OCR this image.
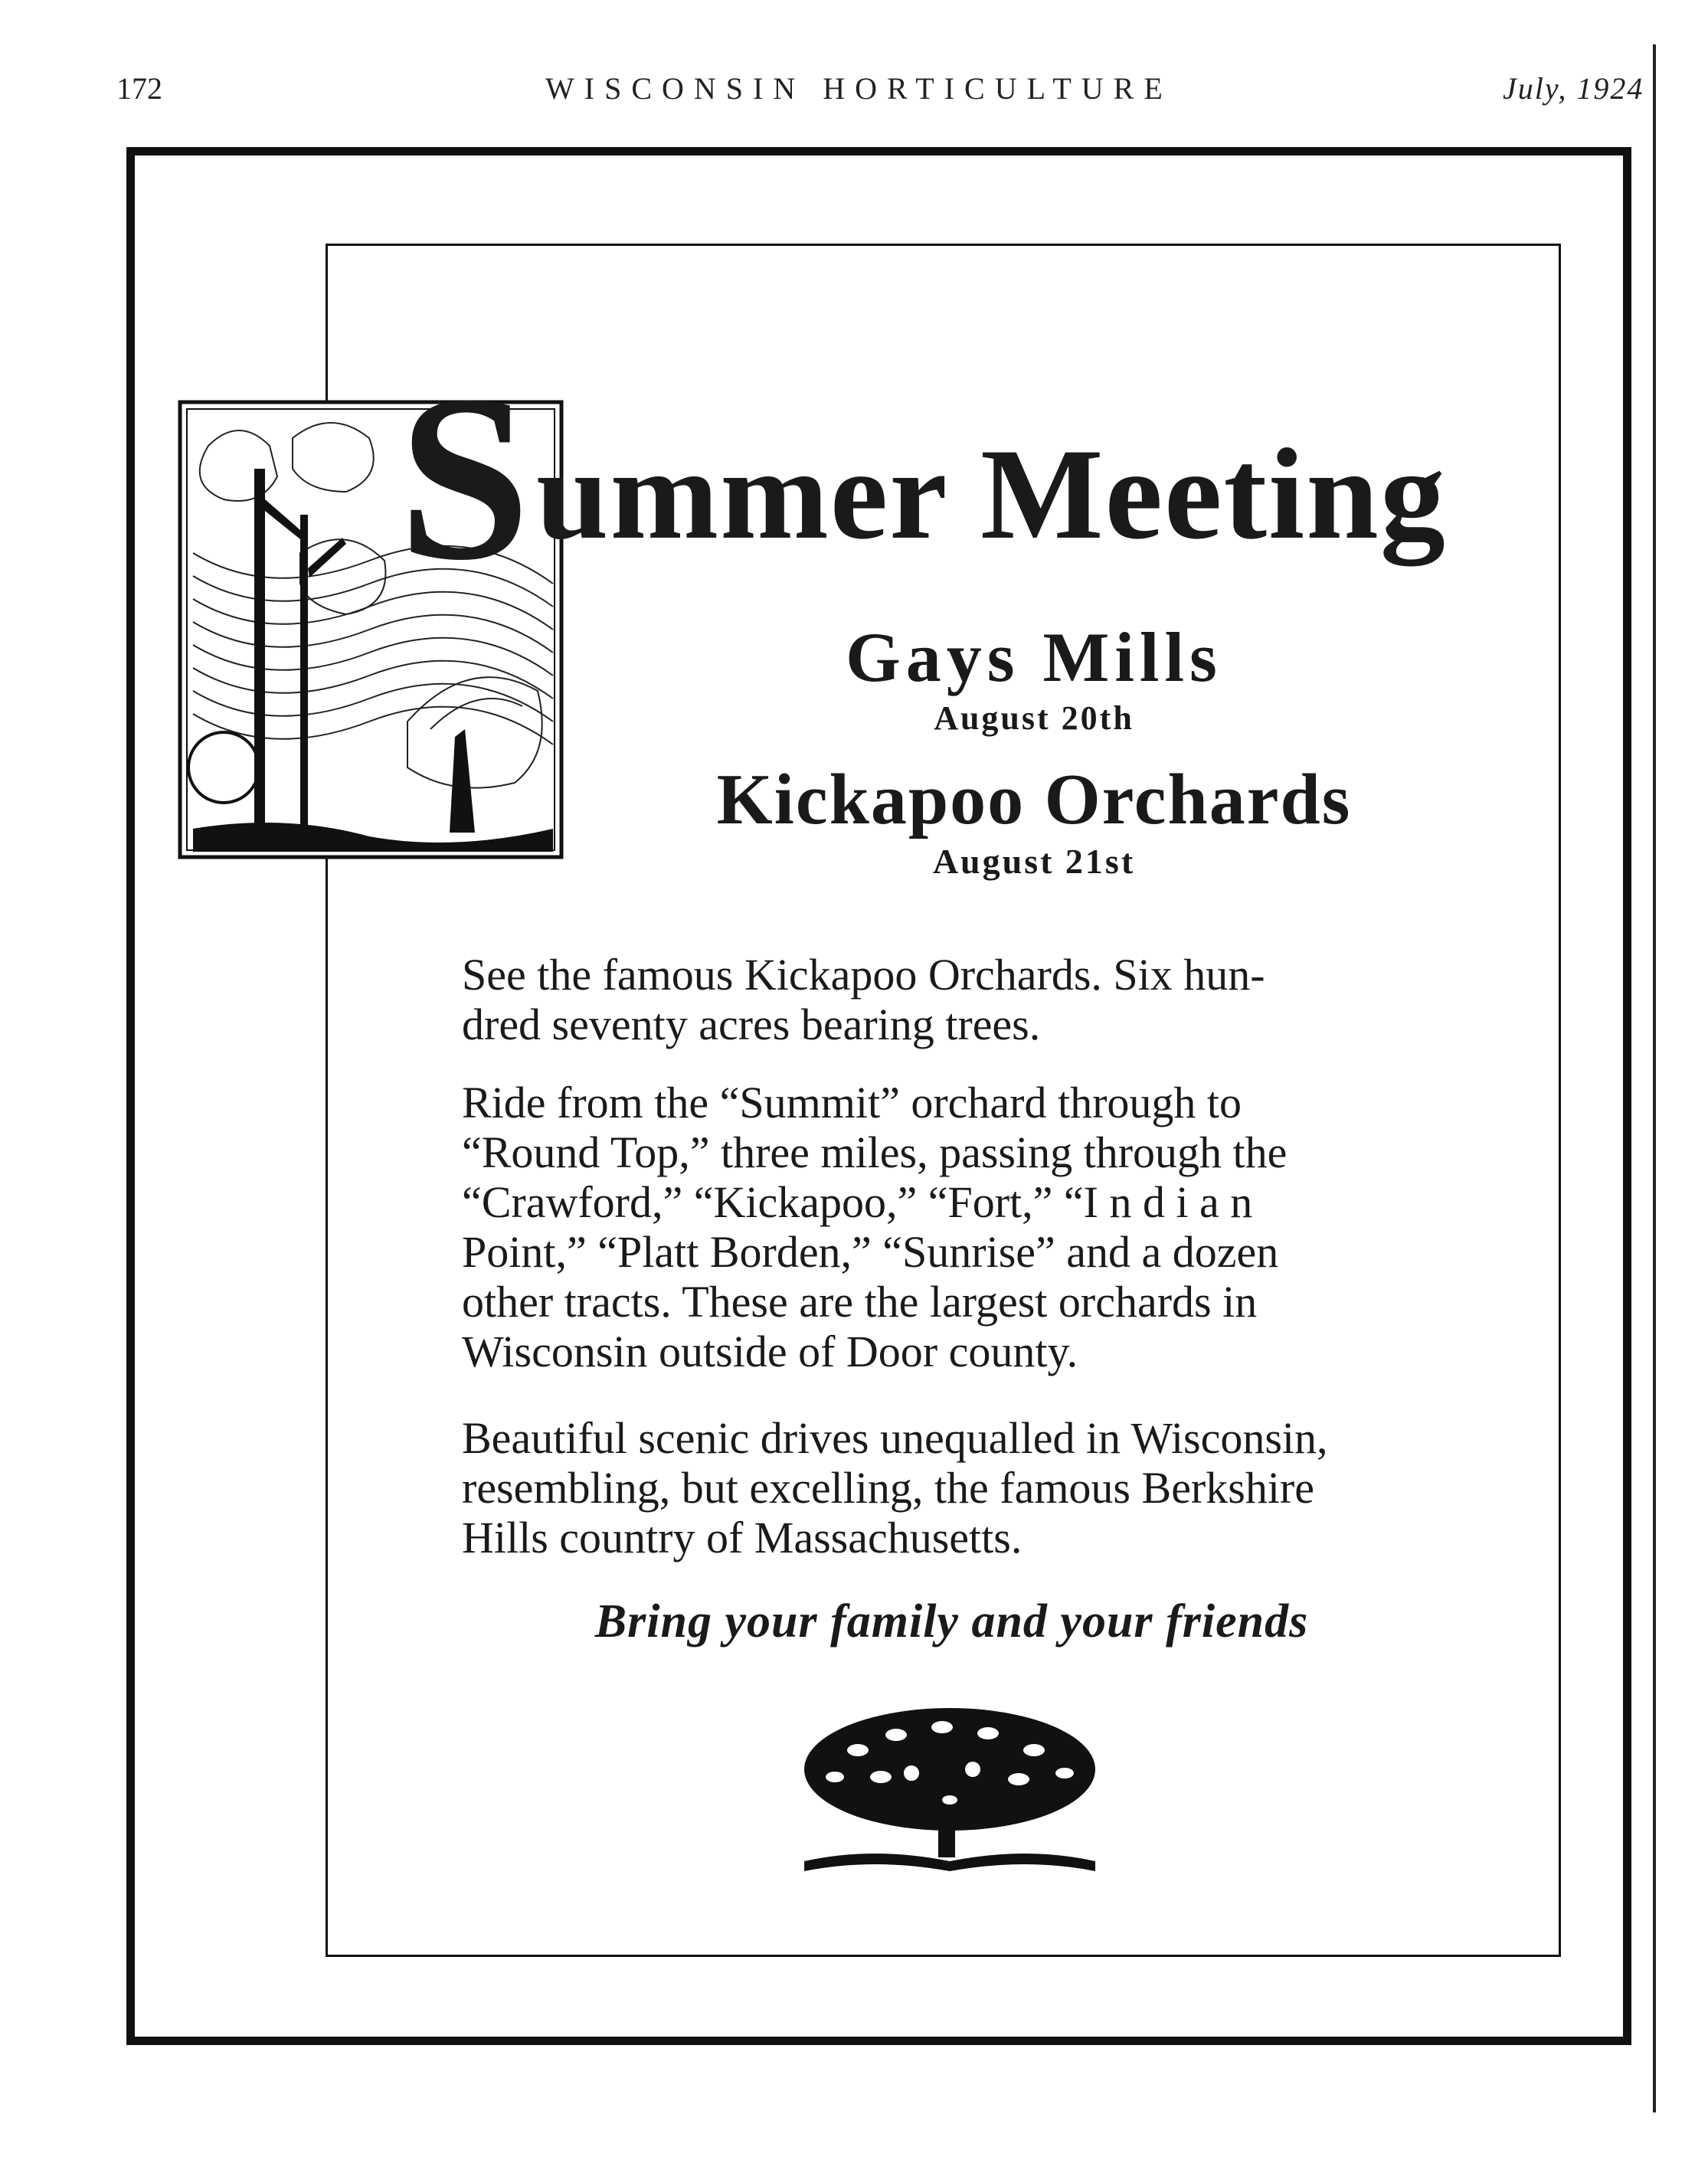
172	WISCONSIN HORTICULTURE	July, 1924
S ummer Meeting
Gays Mills
August 20th
Kickapoo Orchards
August 21st
See the famous Kickapoo Orchards. Six hun-
dred seventy acres bearing trees.
Ride from the “Summit” orchard through to
“Round Top,” three miles, passing through the
“Crawford,” “Kickapoo,” “Fort,” “I n d i a n
Point,” “Platt Borden,” “Sunrise” and a dozen
other tracts. These are the largest orchards in
Wisconsin outside of Door county.
Beautiful scenic drives unequalled in Wisconsin,
resembling, but excelling, the famous Berkshire
Hills country of Massachusetts.
Bring your family and your friends
